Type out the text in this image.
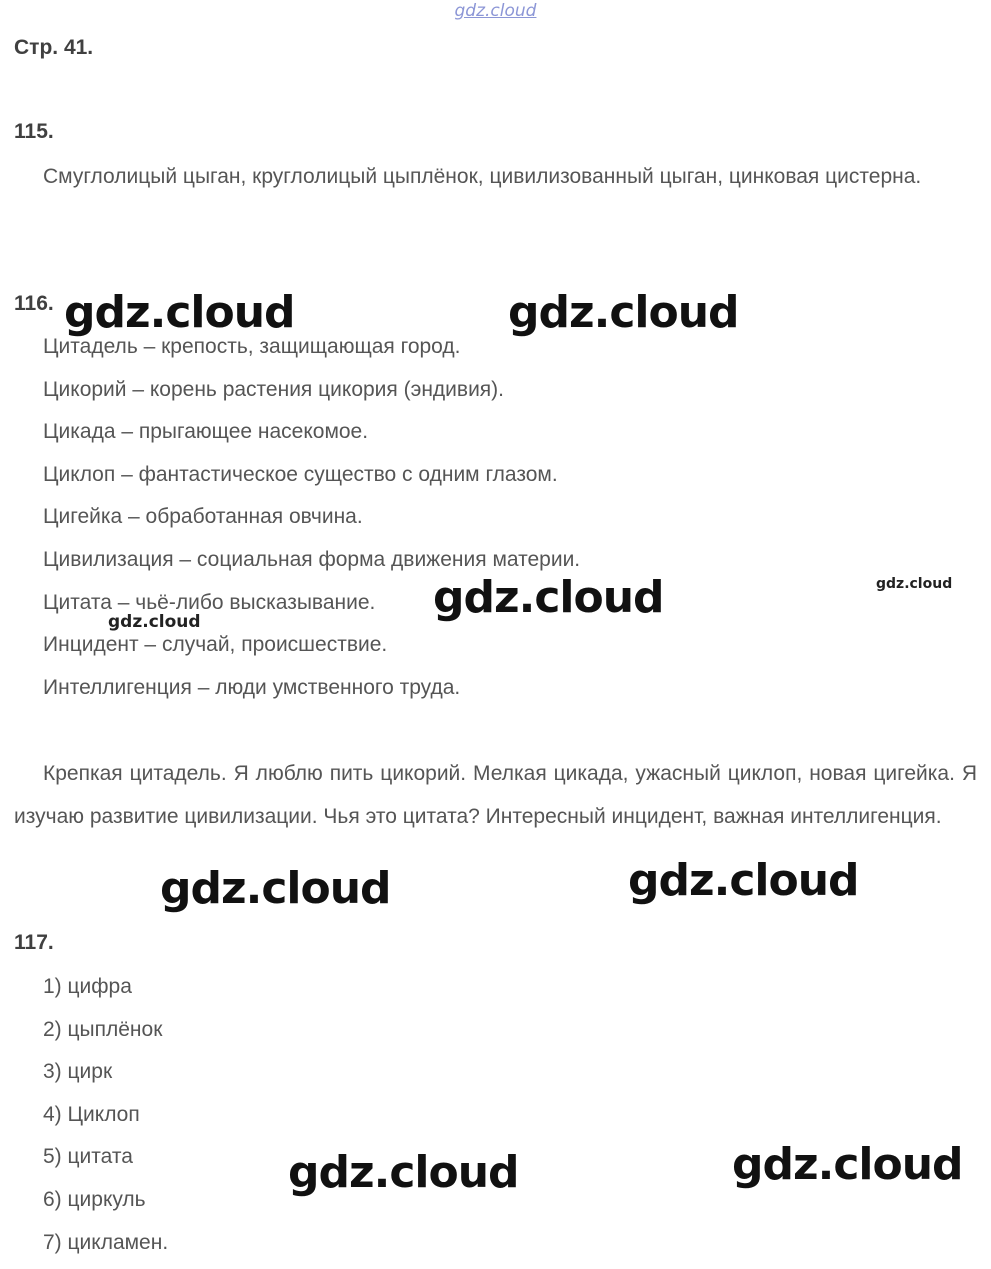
gdz.cloud
Стр. 41.
115.

Смуглолицый цыган, круглолицый цыплёнок, цивилизованный цыган, цинковая цистерна.

116.
Цитадель – крепость, защищающая город.
Цикорий – корень растения цикория (эндивия).
Цикада – прыгающее насекомое.
Циклоп – фантастическое существо с одним глазом.
Цигейка – обработанная овчина.
Цивилизация – социальная форма движения материи.
Цитата – чьё-либо высказывание.
Инцидент – случай, происшествие.
Интеллигенция – люди умственного труда.

Крепкая цитадель. Я люблю пить цикорий. Мелкая цикада, ужасный циклоп, новая цигейка. Я изучаю развитие цивилизации. Чья это цитата? Интересный инцидент, важная интеллигенция.

117.
1) цифра
2) цыплёнок
3) цирк
4) Циклоп
5) цитата
6) циркуль
7) цикламен.
gdz.cloud	gdz.cloud
gdz.cloud
gdz.cloud
gdz.cloud
gdz.cloud	gdz.cloud
gdz.cloud	gdz.cloud
